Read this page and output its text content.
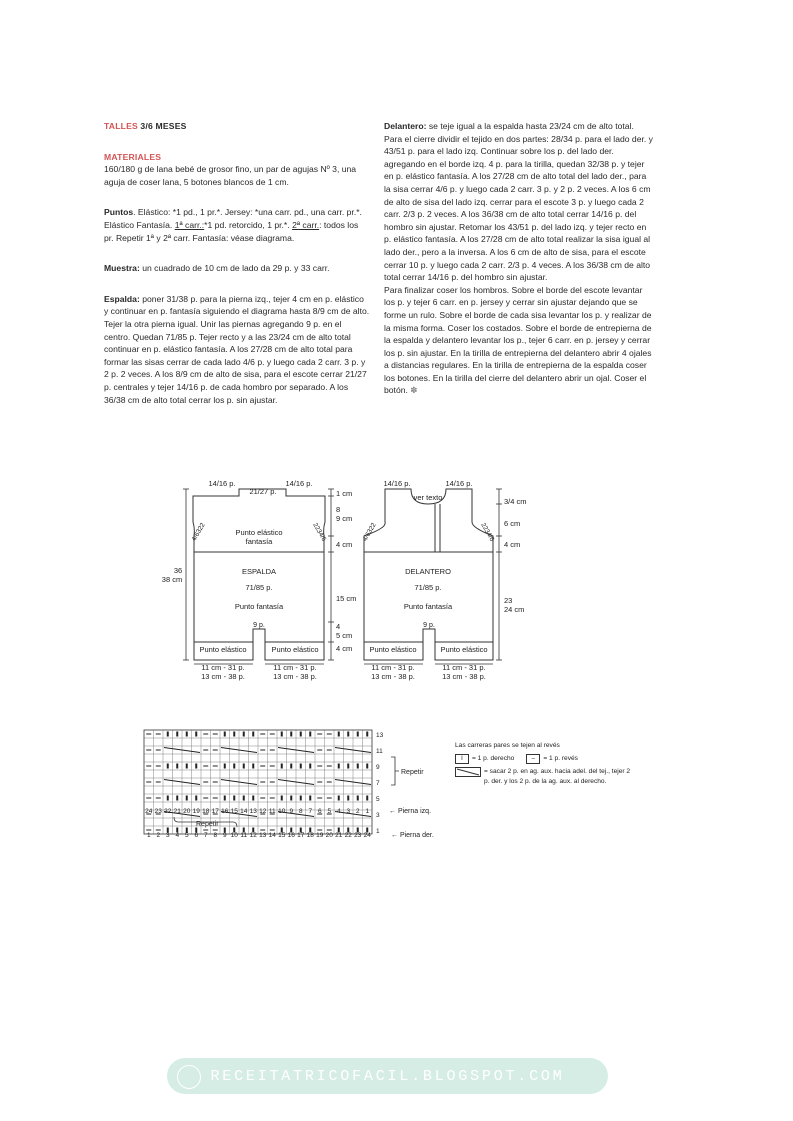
TALLES 3/6 MESES

MATERIALES
160/180 g de lana bebé de grosor fino, un par de agujas Nº 3, una aguja de coser lana, 5 botones blancos de 1 cm.

Puntos. Elástico: *1 pd., 1 pr.*. Jersey: *una carr. pd., una carr. pr.*. Elástico Fantasía. 1ª carr.:*1 pd. retorcido, 1 pr.*. 2ª carr.: todos los pr. Repetir 1ª y 2ª carr. Fantasía: véase diagrama.

Muestra: un cuadrado de 10 cm de lado da 29 p. y 33 carr.

Espalda: poner 31/38 p. para la pierna izq., tejer 4 cm en p. elástico y continuar en p. fantasía siguiendo el diagrama hasta 8/9 cm de alto. Tejer la otra pierna igual. Unir las piernas agregando 9 p. en el centro. Quedan 71/85 p. Tejer recto y a las 23/24 cm de alto total continuar en p. elástico fantasía. A los 27/28 cm de alto total para formar las sisas cerrar de cada lado 4/6 p. y luego cada 2 carr. 3 p. y 2 p. 2 veces. A los 8/9 cm de alto de sisa, para el escote cerrar 21/27 p. centrales y tejer 14/16 p. de cada hombro por separado. A los 36/38 cm de alto total cerrar los p. sin ajustar.

Delantero: se teje igual a la espalda hasta 23/24 cm de alto total. Para el cierre dividir el tejido en dos partes: 28/34 p. para el lado der. y 43/51 p. para el lado izq. Continuar sobre los p. del lado der. agregando en el borde izq. 4 p. para la tirilla, quedan 32/38 p. y tejer en p. elástico fantasía. A los 27/28 cm de alto total del lado der., para la sisa cerrar 4/6 p. y luego cada 2 carr. 3 p. y 2 p. 2 veces. A los 6 cm de alto de sisa del lado izq. cerrar para el escote 3 p. y luego cada 2 carr. 2/3 p. 2 veces. A los 36/38 cm de alto total cerrar 14/16 p. del hombro sin ajustar. Retomar los 43/51 p. del lado izq. y tejer recto en p. elástico fantasía. A los 27/28 cm de alto total realizar la sisa igual al lado der., pero a la inversa. A los 6 cm de alto de sisa, para el escote cerrar 10 p. y luego cada 2 carr. 2/3 p. 4 veces. A los 36/38 cm de alto total cerrar 14/16 p. del hombro sin ajustar.

Para finalizar coser los hombros. Sobre el borde del escote levantar los p. y tejer 6 carr. en p. jersey y cerrar sin ajustar dejando que se forme un rulo. Sobre el borde de cada sisa levantar los p. y realizar de la misma forma. Coser los costados. Sobre el borde de entrepierna de la espalda y delantero levantar los p., tejer 6 carr. en p. jersey y cerrar los p. sin ajustar. En la tirilla de entrepierna del delantero abrir 4 ojales a distancias regulares. En la tirilla de entrepierna de la espalda coser los botones. En la tirilla del cierre del delantero abrir un ojal. Coser el botón. ✽

14/16 p.
21/27 p.
14/16 p.
4/6322	2234/6
Punto elástico
fantasía
ESPALDA
71/85 p.
Punto fantasía
9 p.
Punto elástico	Punto elástico
36
38 cm
11 cm - 31 p.
13 cm - 38 p.
11 cm - 31 p.
13 cm - 38 p.
1 cm
8
9 cm
4 cm
15 cm
4
5 cm
4 cm
14/16 p.
ver texto
14/16 p.
4/6322	2234/6
DELANTERO
71/85 p.
Punto fantasía
9 p.
Punto elástico	Punto elástico
11 cm - 31 p.
13 cm - 38 p.
11 cm - 31 p.
13 cm - 38 p.
3/4 cm
6 cm
4 cm
23
24 cm
13
11
9
7
5
3
1
Repetir
24 23 22 21 20 19 18 17 16 15 14 13 12 11 10 9 8 7 6 5 4 3 2 1	← Pierna izq.
Repetir
1 2 3 4 5 6 7 8 9 10 11 12 13 14 15 16 17 18 19 20 21 22 23 24	← Pierna der.
Las carreras pares se tejen al revés
I	= 1 p. derecho	–	= 1 p. revés
= sacar 2 p. en ag. aux. hacia adel. del tej., tejer 2 p. der. y los 2 p. de la ag. aux. al derecho.
RECEITATRICOFACIL.BLOGSPOT.COM
